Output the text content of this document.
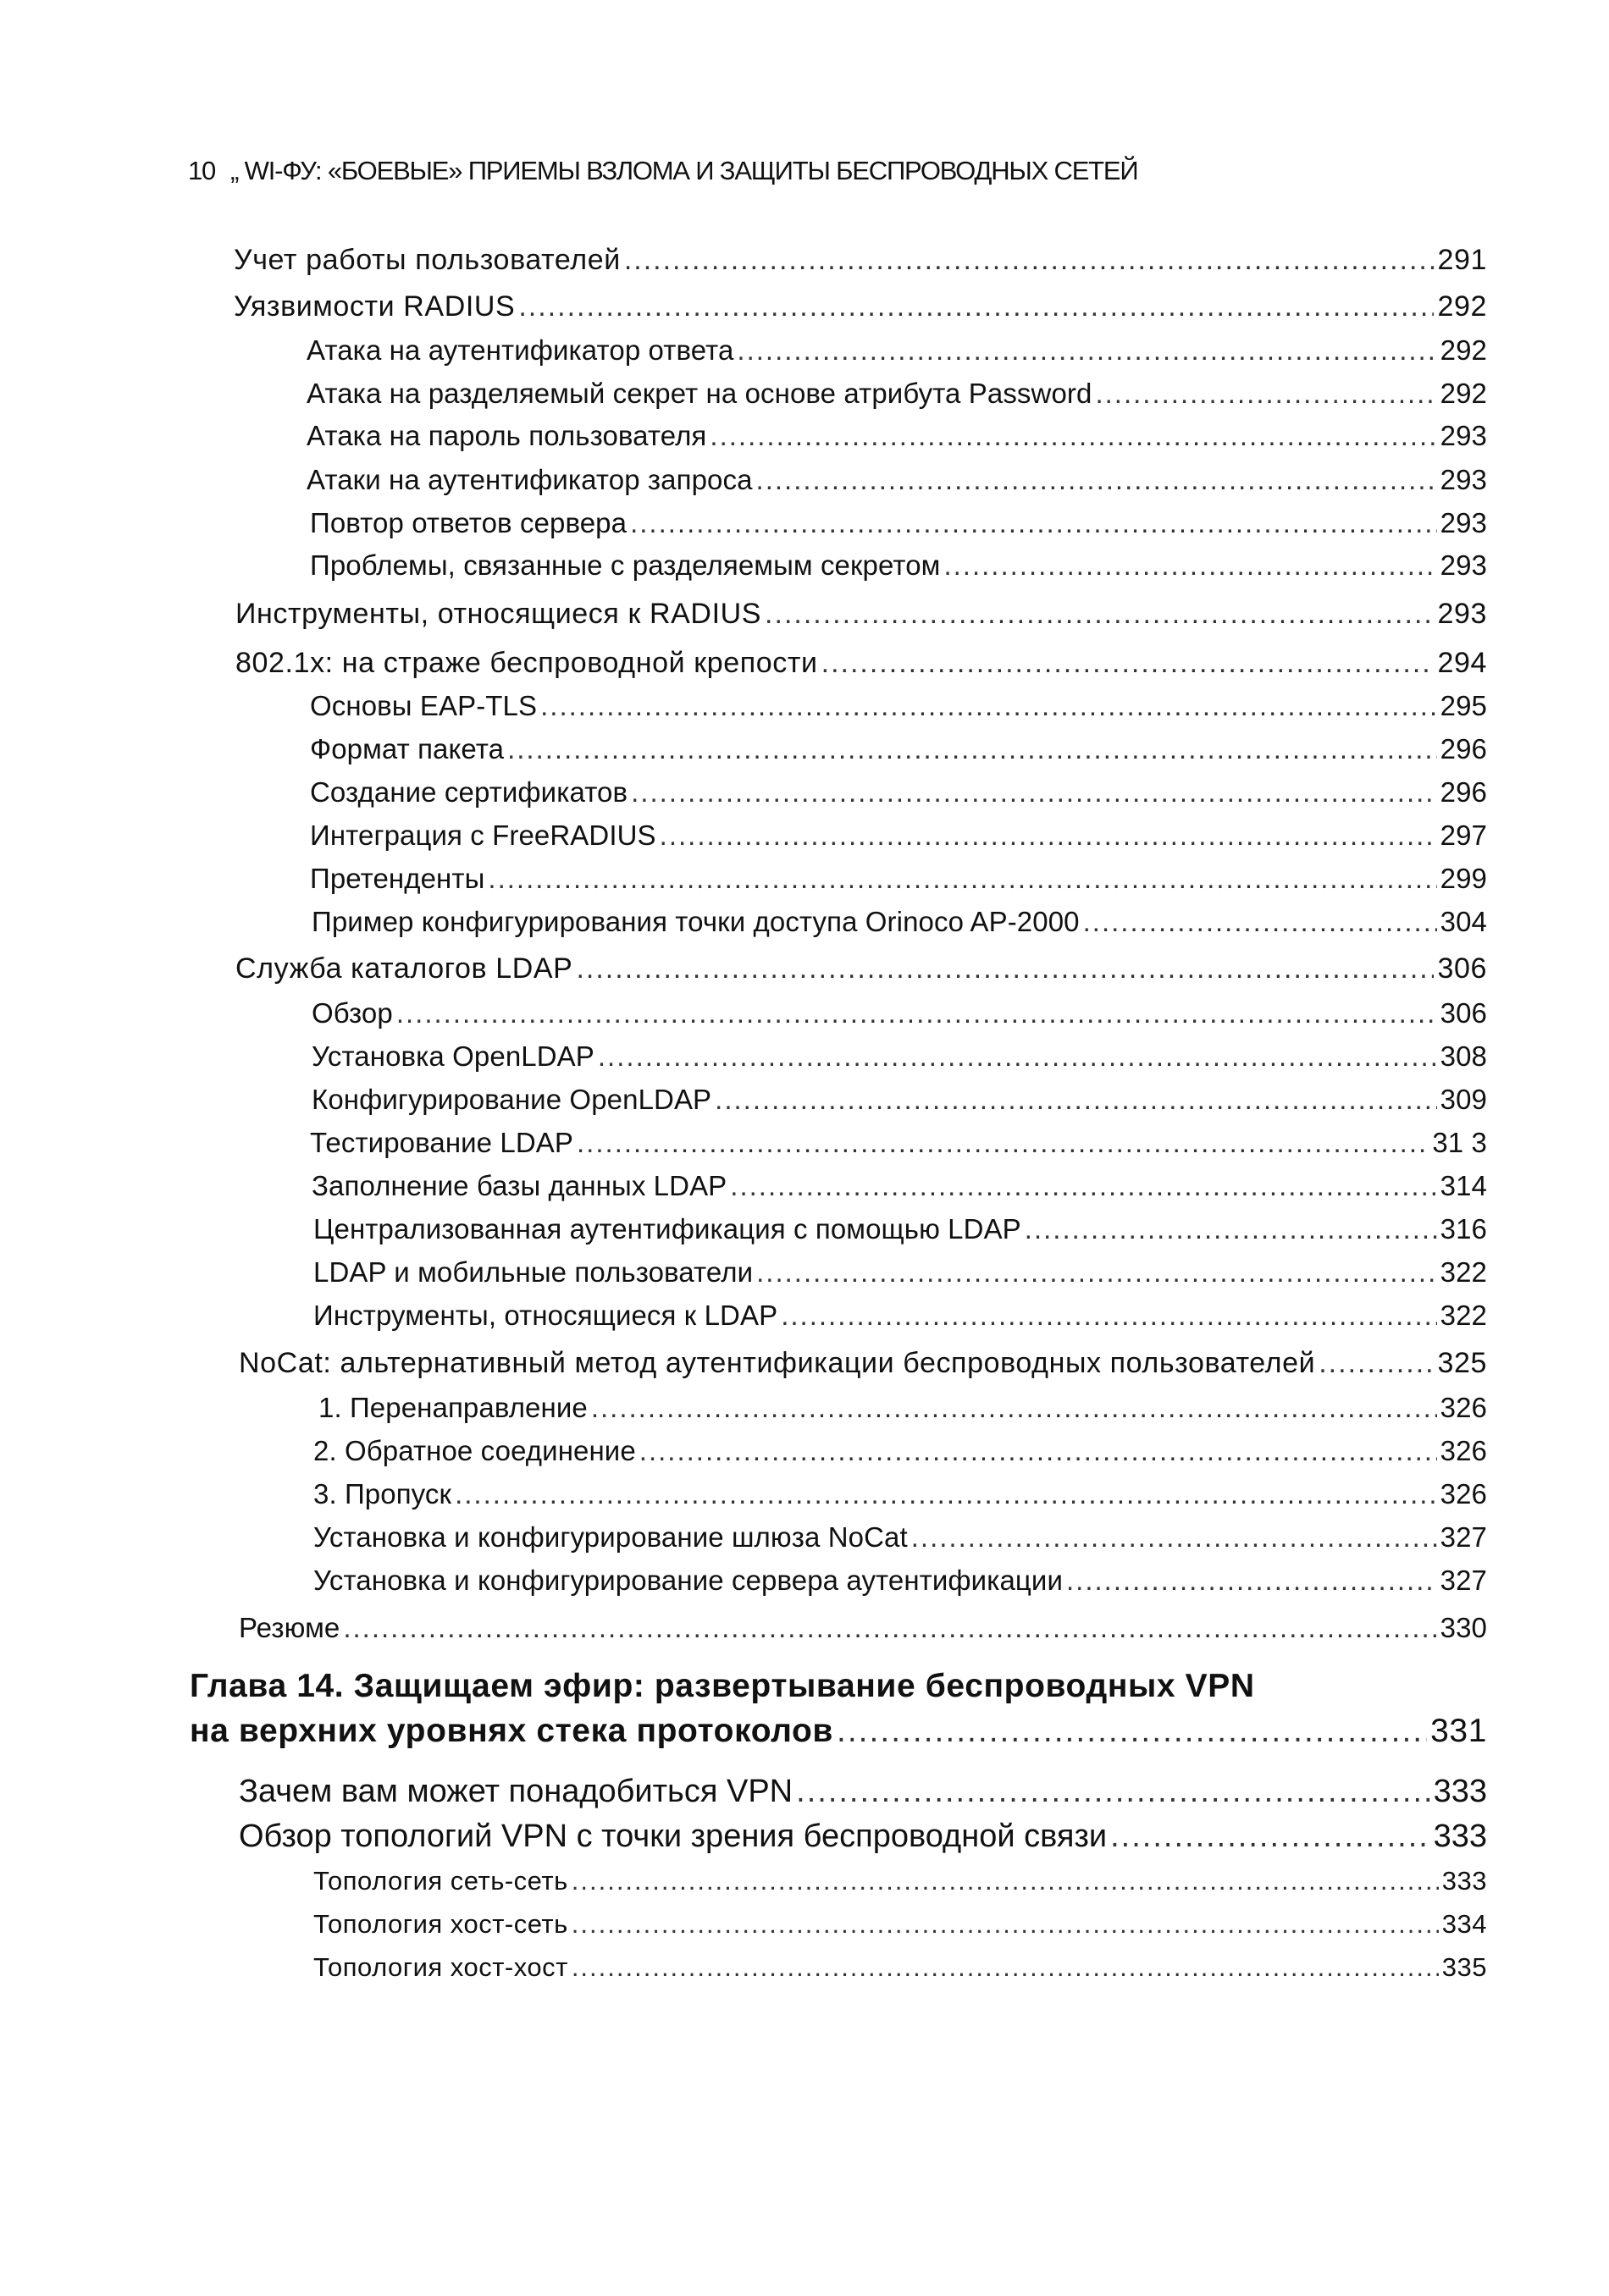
10 „ WI-ФУ: «БОЕВЫЕ» ПРИЕМЫ ВЗЛОМА И ЗАЩИТЫ БЕСПРОВОДНЫХ СЕТЕЙ
Учет работы пользователей .....	291
Уязвимости RADIUS .....	292
Атака на аутентификатор ответа .....	292
Атака на разделяемый секрет на основе атрибута Password .....	292
Атака на пароль пользователя .....	293
Атаки на аутентификатор запроса .....	293
Повтор ответов сервера .....	293
Проблемы, связанные с разделяемым секретом .....	293
Инструменты, относящиеся к RADIUS .....	293
802.1x: на страже беспроводной крепости .....	294
Основы EAP-TLS .....	295
Формат пакета .....	296
Создание сертификатов .....	296
Интеграция с FreeRADIUS .....	297
Претенденты .....	299
Пример конфигурирования точки доступа Orinoco AP-2000 .....	304
Служба каталогов LDAP .....	306
Обзор .....	306
Установка OpenLDAP .....	308
Конфигурирование OpenLDAP .....	309
Тестирование LDAP .....	31 3
Заполнение базы данных LDAP .....	314
Централизованная аутентификация с помощью LDAP .....	316
LDAP и мобильные пользователи .....	322
Инструменты, относящиеся к LDAP .....	322
NoCat: альтернативный метод аутентификации беспроводных пользователей .....	325
1. Перенаправление .....	326
2. Обратное соединение .....	326
3. Пропуск .....	326
Установка и конфигурирование шлюза NoCat .....	327
Установка и конфигурирование сервера аутентификации .....	327
Резюме .....	330
Глава 14. Защищаем эфир: развертывание беспроводных VPN
на верхних уровнях стека протоколов .....	331
Зачем вам может понадобиться VPN .....	333
Обзор топологий VPN с точки зрения беспроводной связи .....	333
Топология сеть-сеть .....	333
Топология хост-сеть .....	334
Топология хост-хост .....	335
